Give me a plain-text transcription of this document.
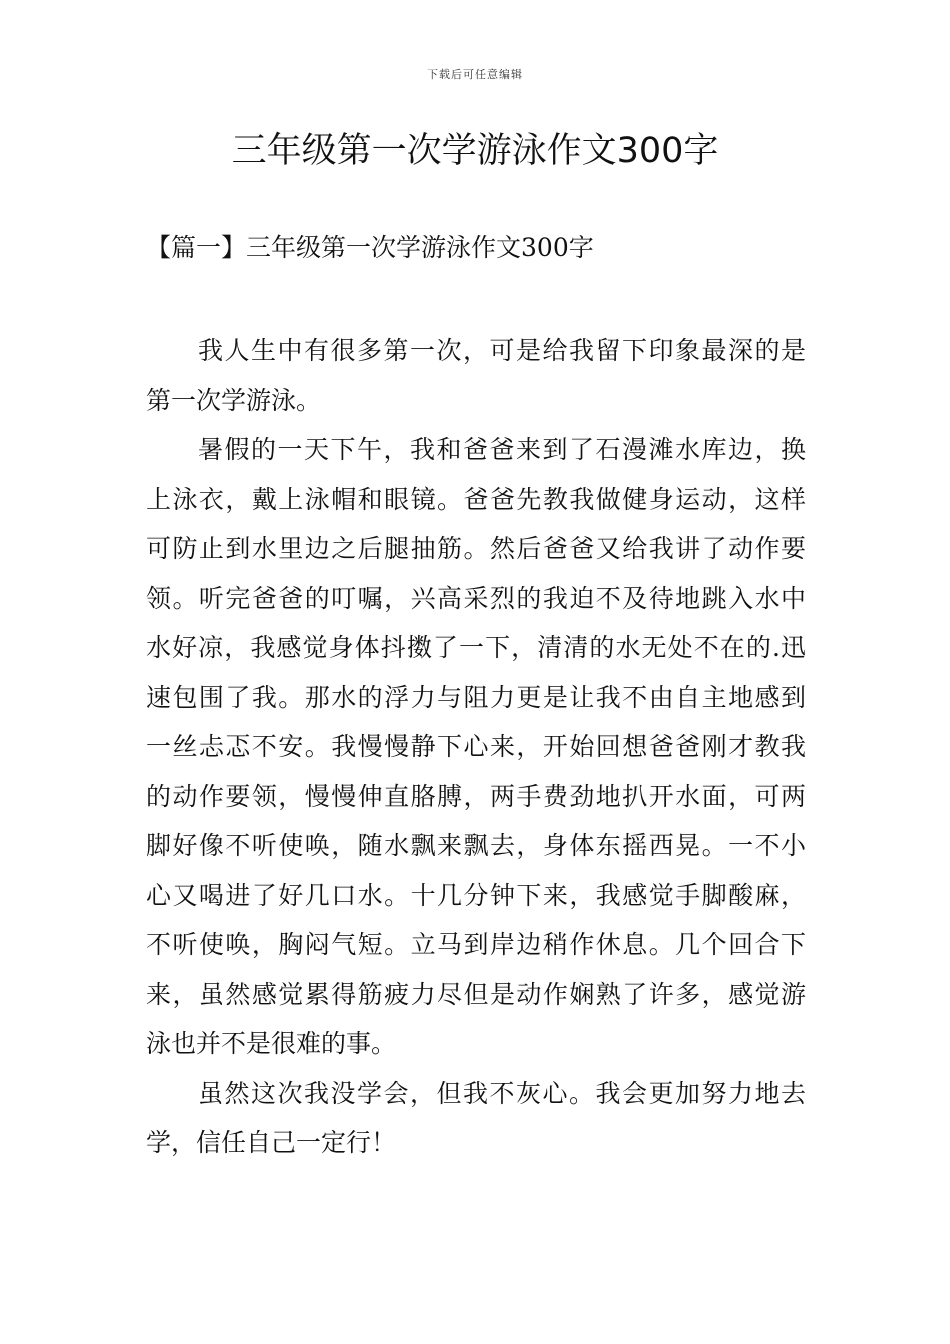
下载后可任意编辑
三年级第一次学游泳作文300字
【篇一】三年级第一次学游泳作文300字
我人生中有很多第一次，可是给我留下印象最深的是
第一次学游泳。
暑假的一天下午，我和爸爸来到了石漫滩水库边，换
上泳衣，戴上泳帽和眼镜。爸爸先教我做健身运动，这样
可防止到水里边之后腿抽筋。然后爸爸又给我讲了动作要
领。听完爸爸的叮嘱，兴高采烈的我迫不及待地跳入水中
水好凉，我感觉身体抖擞了一下，清清的水无处不在的.迅
速包围了我。那水的浮力与阻力更是让我不由自主地感到
一丝忐忑不安。我慢慢静下心来，开始回想爸爸刚才教我
的动作要领，慢慢伸直胳膊，两手费劲地扒开水面，可两
脚好像不听使唤，随水飘来飘去，身体东摇西晃。一不小
心又喝进了好几口水。十几分钟下来，我感觉手脚酸麻，
不听使唤，胸闷气短。立马到岸边稍作休息。几个回合下
来，虽然感觉累得筋疲力尽但是动作娴熟了许多，感觉游
泳也并不是很难的事。
虽然这次我没学会，但我不灰心。我会更加努力地去
学，信任自己一定行！
